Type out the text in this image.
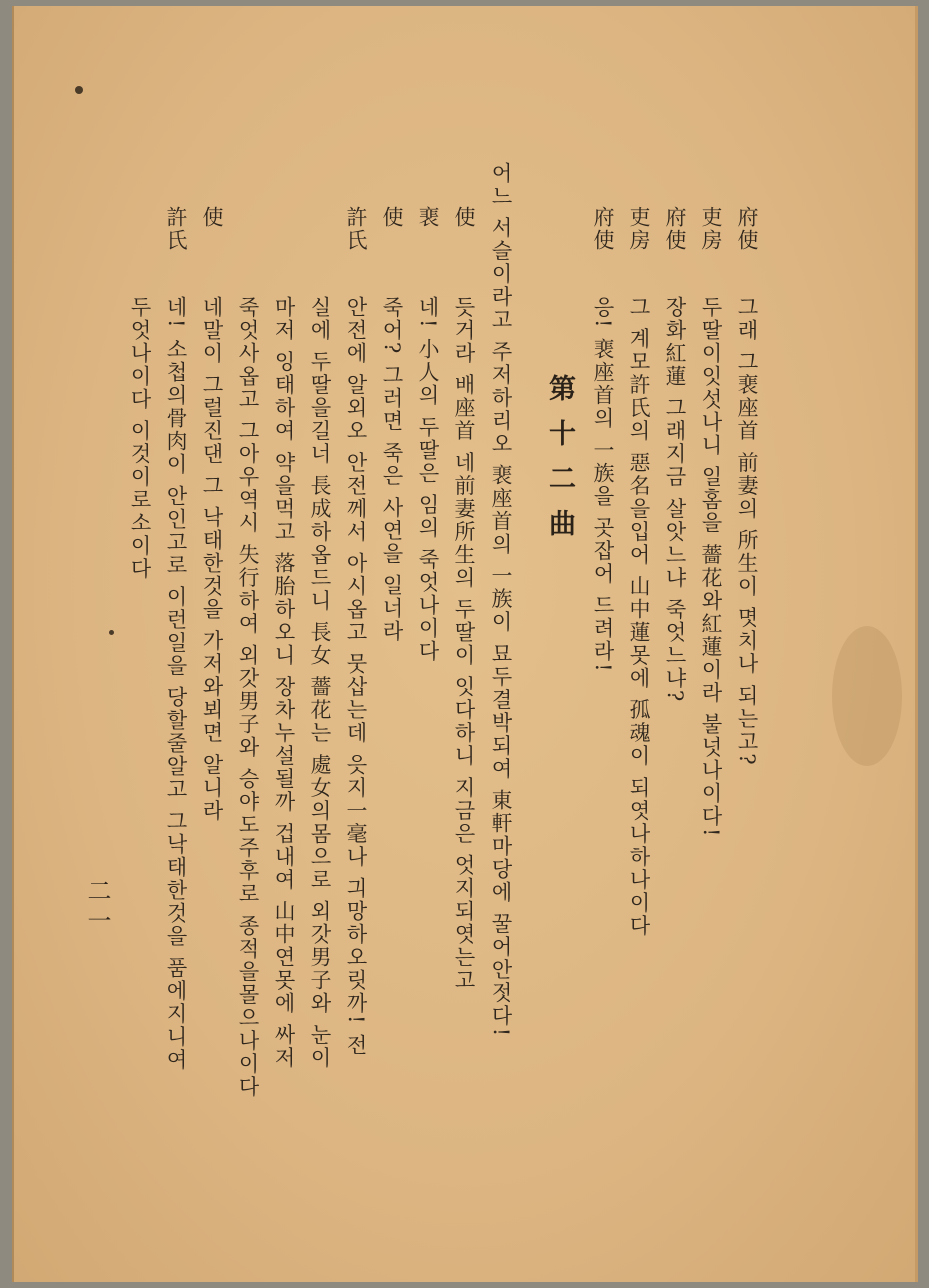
府使
그래 그裵座首 前妻의 所生이 몃치나 되는고?
吏房
두딸이잇섯나니 일홈을 薔花와紅蓮이라 불넛나이다!
府使
장화紅蓮 그래지금 살앗느냐 죽엇느냐?
吏房
그 계모許氏의 惡名을입어 山中蓮못에 孤魂이 되엿나하나이다
府使
응! 裵座首의 一族을 곳잡어 드려라!
第十二曲
어느 서슬이라고 주저하리오 裵座首의 一族이 묘두결박되여 東軒마당에 꿀어안젓다!
使
듯거라 배座首 네前妻所生의 두딸이 잇다하니 지금은 엇지되엿는고
裵
네! 小人의 두딸은 임의 죽엇나이다
使
죽어? 그러면 죽은 사연을 일너라
許氏
안전에 알외오 안전께서 아시옵고 뭇삽는데 읏지一毫나 긔망하오릿까! 전
실에 두딸을길너 長成하옵드니 長女 薔花는 處女의몸으로 외갓男子와 눈이
마저 잉태하여 약을먹고 落胎하오니 장차누설될까 겁내여 山中연못에 싸저
죽엇사옵고 그아우역시 失行하여 외갓男子와 승야도주후로 종적을몰으나이다
使
네말이 그럴진댄 그 낙태한것을 가저와뵈면 알니라
許氏
네! 소첩의骨肉이 안인고로 이런일을 당할줄알고 그낙태한것을 품에지니여
두엇나이다 이것이로소이다
二一
